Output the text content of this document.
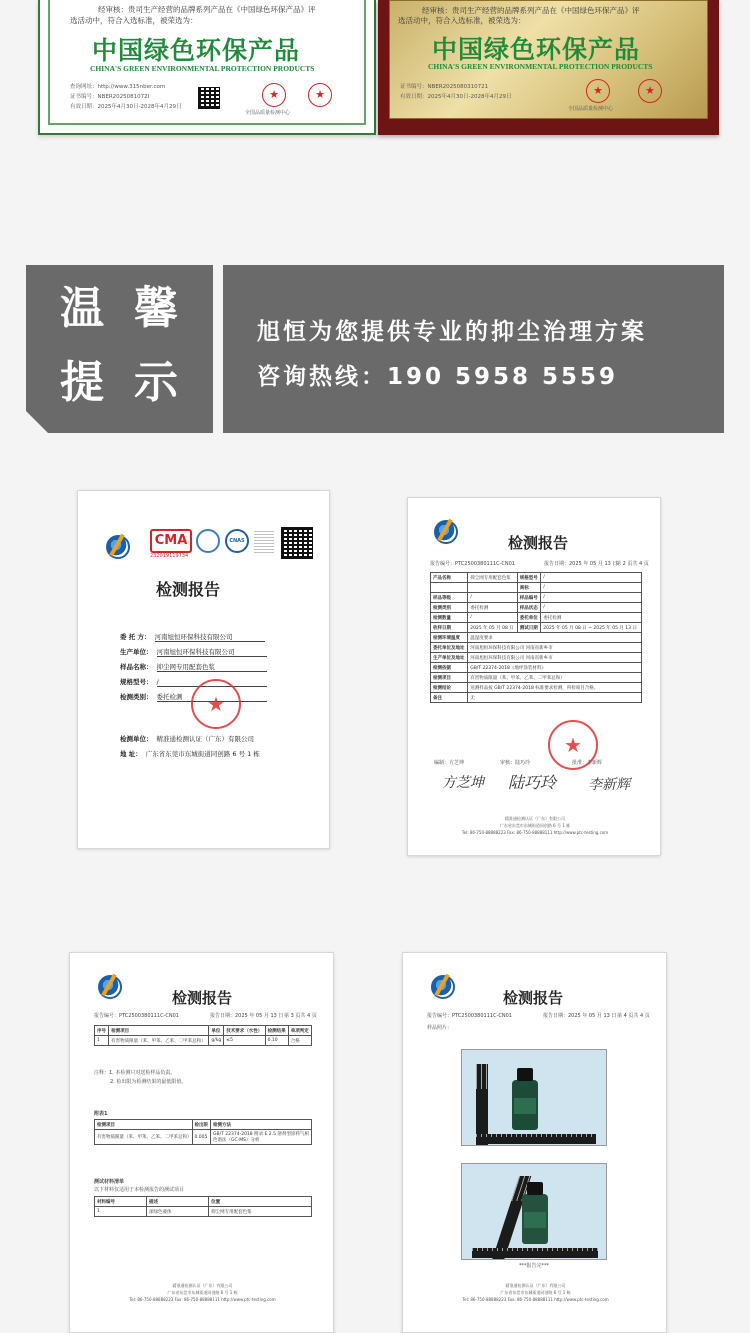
经审核：贵司生产经营的品牌系列产品在《中国绿色环保产品》评
选活动中，符合入选标准，被荣选为：
中国绿色环保产品
CHINA'S GREEN ENVIRONMENTAL PROTECTION PRODUCTS
查询网址：http://www.315nber.com
证书编号：NBER2025081072I
有效日期：2025年4月30日-2028年4月29日
★	★
全国品质量检测中心
经审核：贵司生产经营的品牌系列产品在《中国绿色环保产品》评
选活动中，符合入选标准，被荣选为：
中国绿色环保产品
CHINA'S GREEN ENVIRONMENTAL PROTECTION PRODUCTS
证书编号：NBER2025080310721
有效日期：2025年4月30日-2028年4月29日	★	★
全国品质量检测中心
温 馨
提 示
旭恒为您提供专业的抑尘治理方案
咨询热线：190 5958 5559
CMA
232019119734
CNAS
检测报告
委 托 方： 河南旭恒环保科技有限公司
生产单位： 河南旭恒环保科技有限公司
样品名称： 抑尘网专用配套色浆
规格型号： /
检测类别： 委托检测	★
检测单位： 精准通检测认证（广东）有限公司
地 址： 广东省东莞市东城街道同创路 6 号 1 栋
检测报告
报告编号：PTC2500380111C-CN01	报告日期：2025 年 05 月 13 日
第 2 页共 4 页
产品名称	抑尘网专用配套色浆	规格型号	/
		商标	/
样品等级	/	样品编号	/
检测类别	委托检测	样品状态	/
检测数量	/	委托单位	委托检测
收样日期	2025 年 05 月 08 日	测试日期	2025 年 05 月 08 日 ~ 2025 年 05 月 13 日
检测环境温度	温湿度要求		
委托单位及地址	河南旭恒环保科技有限公司 河南省新乡市		
生产单位及地址	河南旭恒环保科技有限公司 河南省新乡市		
检测依据	GB/T 22374-2018《地坪涂装材料》		
检测项目	有害物质限量（苯、甲苯、乙苯、二甲苯总和）		
检测结论	送测样品按 GB/T 22374-2018 标准要求检测，所检项目合格。		
备注	无		
★
编制：方芝坤	审核：陆巧玲	批准：李新辉
方芝坤 陆巧玲 李新辉
精准通检测认证（广东）有限公司
广东省东莞市东城街道同创路 6 号 1 栋
Tel: 86-750-88888223 Fax: 86-750-88888111 http://www.ptc-testing.com
检测报告
报告编号：PTC2500380111C-CN01	报告日期：2025 年 05 月 13 日 第 3 页共 4 页
序号	检测项目	单位	技术要求（水性）	检测结果	单项判定
1	有害物质限量（苯、甲苯、乙苯、二甲苯总和）	g/kg	≤5	0.10	合格
注释：1. 本检测只对送检样品负责。
2. 检出限为检测结果的最低限值。
附表1
检测项目	检出限	检测方法
有害物质限量（苯、甲苯、乙苯、二甲苯总和）	0.005	GB/T 22374-2018 附录 E 2.5 溶剂型涂料气相色谱法（GC-MS）分析
测试材料清单
以下材料仅适用于本检测报告的测试项目
材料编号	描述	位置
1	深绿色液体	抑尘网专用配套色浆
精准通检测认证（广东）有限公司
广东省东莞市东城街道同创路 6 号 1 栋
Tel: 86-750-88888223 Fax: 86-750-88888111 http://www.ptc-testing.com
检测报告
报告编号：PTC2500380111C-CN01	报告日期：2025 年 05 月 13 日 第 4 页共 4 页
样品照片：
***报告完***
精准通检测认证（广东）有限公司
广东省东莞市东城街道同创路 6 号 1 栋
Tel: 86-750-88888223 Fax: 86-750-88888111 http://www.ptc-testing.com
